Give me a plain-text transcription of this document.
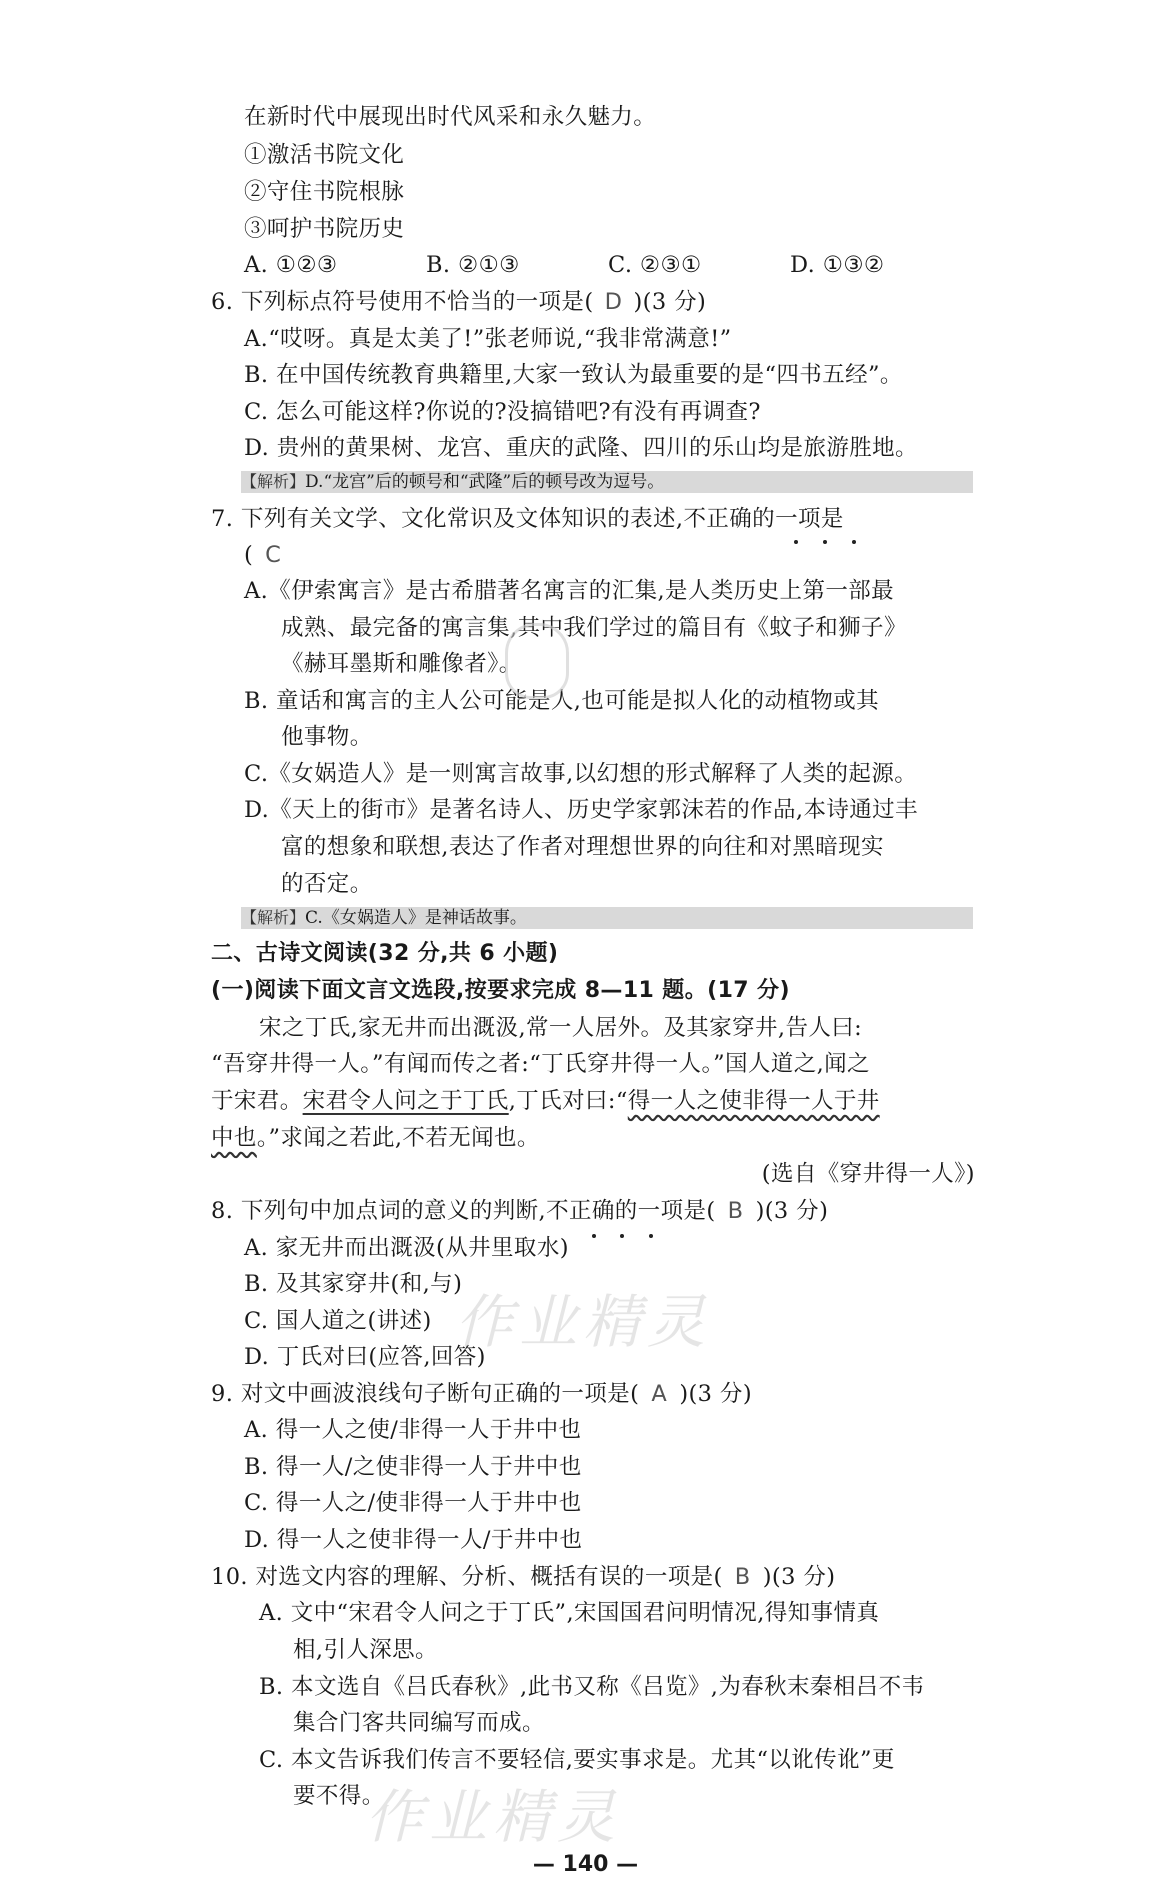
在新时代中展现出时代风采和永久魅力。
①激活书院文化
②守住书院根脉
③呵护书院历史
A. ①②③	B. ②①③	C. ②③①	D. ①③②
6. 下列标点符号使用不恰当的一项是( D )(3 分)
A.“哎呀。真是太美了!”张老师说,“我非常满意!”
B. 在中国传统教育典籍里,大家一致认为最重要的是“四书五经”。
C. 怎么可能这样?你说的?没搞错吧?有没有再调查?
D. 贵州的黄果树、龙宫、重庆的武隆、四川的乐山均是旅游胜地。
【解析】D.“龙宫”后的顿号和“武隆”后的顿号改为逗号。
7. 下列有关文学、文化常识及文体知识的表述,不正确的一项是
( C
A.《伊索寓言》是古希腊著名寓言的汇集,是人类历史上第一部最
成熟、最完备的寓言集,其中我们学过的篇目有《蚊子和狮子》
《赫耳墨斯和雕像者》。
B. 童话和寓言的主人公可能是人,也可能是拟人化的动植物或其
他事物。
C.《女娲造人》是一则寓言故事,以幻想的形式解释了人类的起源。
D.《天上的街市》是著名诗人、历史学家郭沫若的作品,本诗通过丰
富的想象和联想,表达了作者对理想世界的向往和对黑暗现实
的否定。
【解析】C.《女娲造人》是神话故事。
二、古诗文阅读(32 分,共 6 小题)
(一)阅读下面文言文选段,按要求完成 8—11 题。(17 分)
宋之丁氏,家无井而出溉汲,常一人居外。及其家穿井,告人曰:
“吾穿井得一人。”有闻而传之者:“丁氏穿井得一人。”国人道之,闻之
于宋君。宋君令人问之于丁氏,丁氏对曰:“得一人之使非得一人于井
中也。”求闻之若此,不若无闻也。
(选自《穿井得一人》)
8. 下列句中加点词的意义的判断,不正确的一项是( B )(3 分)
A. 家无井而出溉汲(从井里取水)
B. 及其家穿井(和,与)
C. 国人道之(讲述)
D. 丁氏对曰(应答,回答)
9. 对文中画波浪线句子断句正确的一项是( A )(3 分)
A. 得一人之使/非得一人于井中也
B. 得一人/之使非得一人于井中也
C. 得一人之/使非得一人于井中也
D. 得一人之使非得一人/于井中也
10. 对选文内容的理解、分析、概括有误的一项是( B )(3 分)
A. 文中“宋君令人问之于丁氏”,宋国国君问明情况,得知事情真
相,引人深思。
B. 本文选自《吕氏春秋》,此书又称《吕览》,为春秋末秦相吕不韦
集合门客共同编写而成。
C. 本文告诉我们传言不要轻信,要实事求是。尤其“以讹传讹”更
要不得。
作业精灵
作业精灵
— 140 —
